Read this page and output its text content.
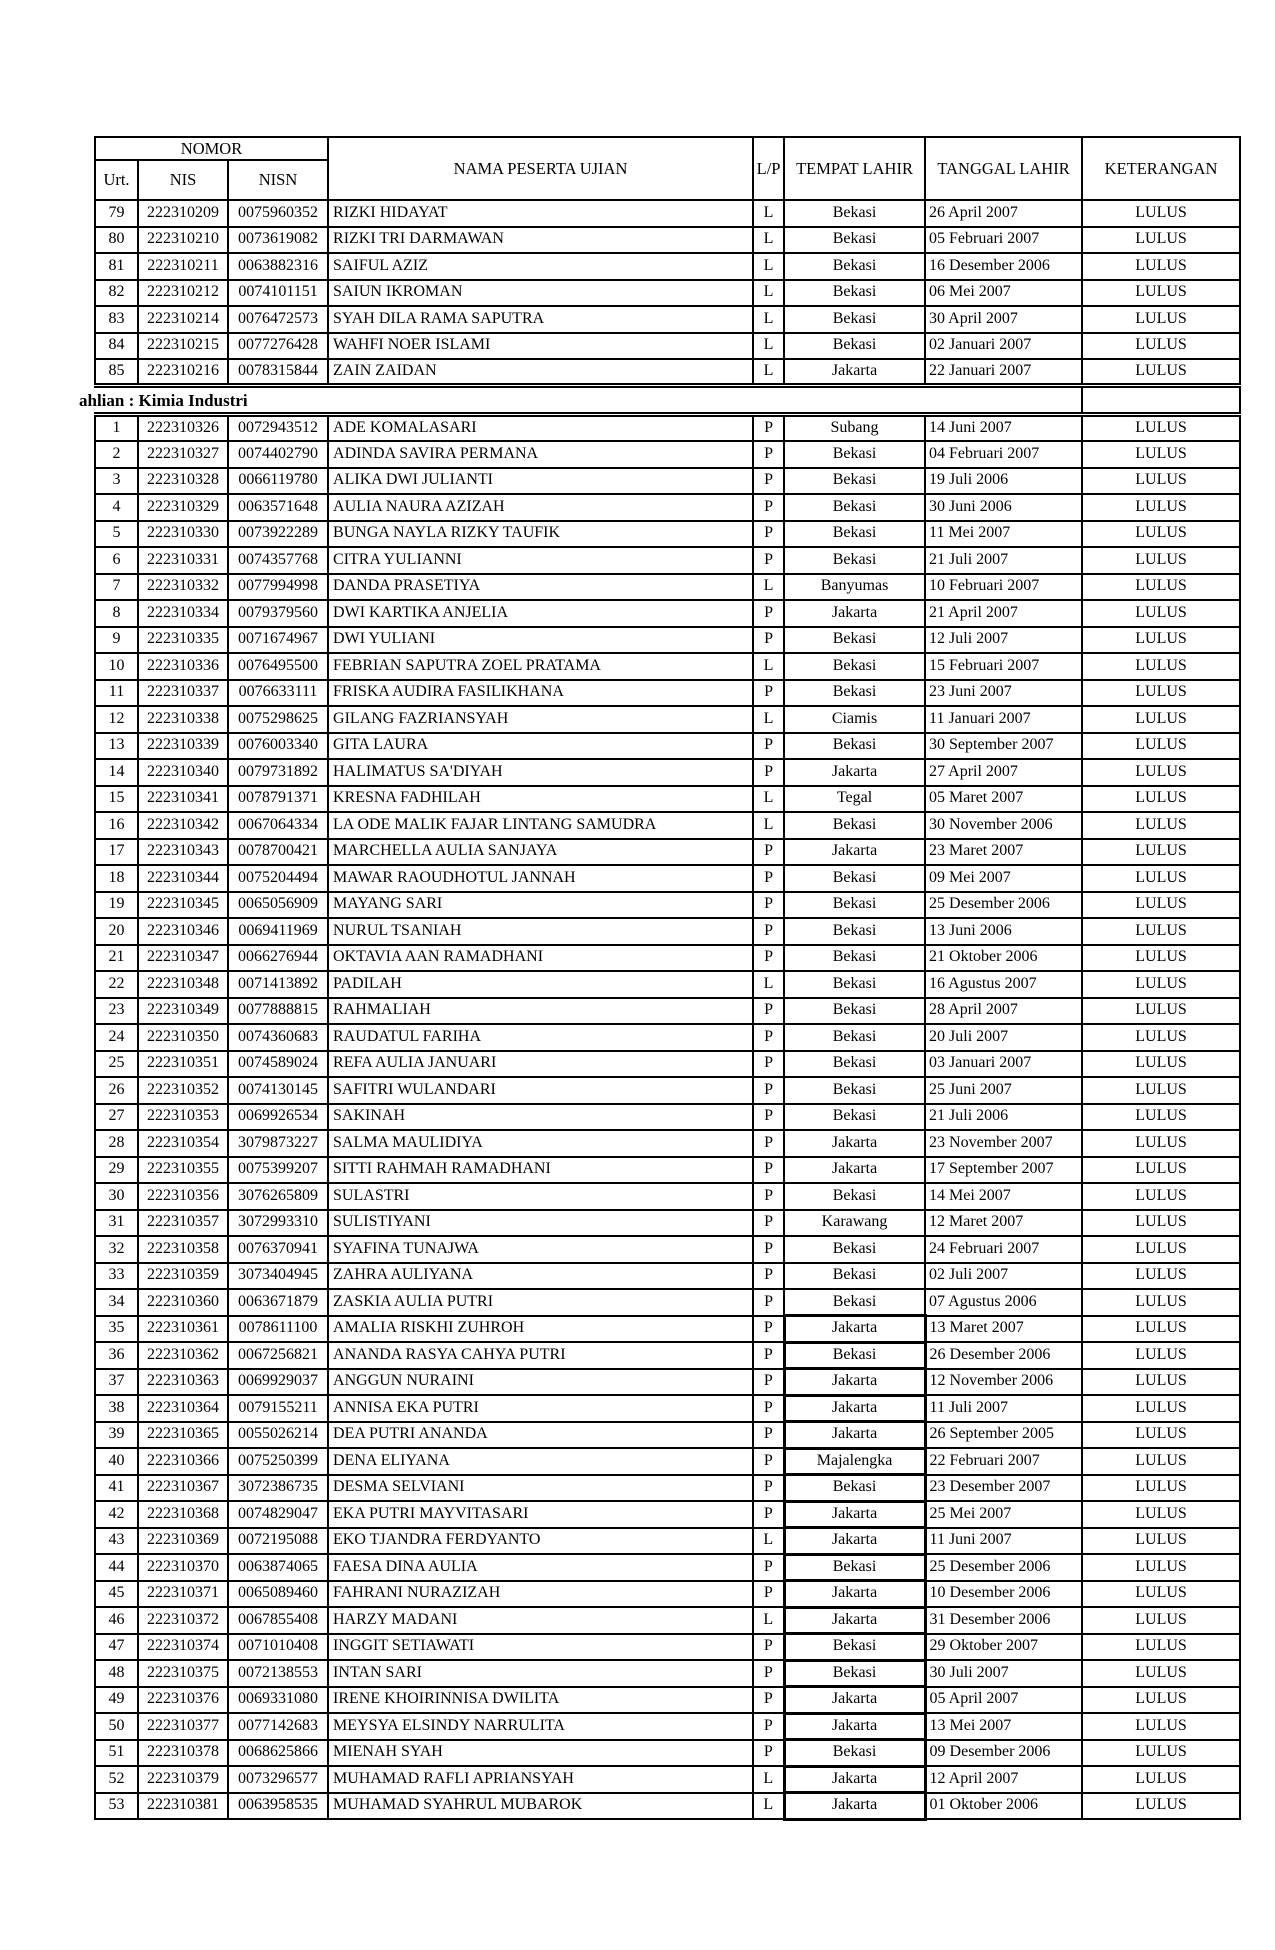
NOMOR			NAMA PESERTA UJIAN	L/P	TEMPAT LAHIR	TANGGAL LAHIR	KETERANGAN
Urt.	NIS	NISN					
79	222310209	0075960352	RIZKI HIDAYAT	L	Bekasi	26 April 2007	LULUS
80	222310210	0073619082	RIZKI TRI DARMAWAN	L	Bekasi	05 Februari 2007	LULUS
81	222310211	0063882316	SAIFUL AZIZ	L	Bekasi	16 Desember 2006	LULUS
82	222310212	0074101151	SAIUN IKROMAN	L	Bekasi	06 Mei 2007	LULUS
83	222310214	0076472573	SYAH DILA RAMA SAPUTRA	L	Bekasi	30 April 2007	LULUS
84	222310215	0077276428	WAHFI NOER ISLAMI	L	Bekasi	02 Januari 2007	LULUS
85	222310216	0078315844	ZAIN ZAIDAN	L	Jakarta	22 Januari 2007	LULUS

ahlian : Kimia Industri							

1	222310326	0072943512	ADE KOMALASARI	P	Subang	14 Juni 2007	LULUS
2	222310327	0074402790	ADINDA SAVIRA PERMANA	P	Bekasi	04 Februari 2007	LULUS
3	222310328	0066119780	ALIKA DWI JULIANTI	P	Bekasi	19 Juli 2006	LULUS
4	222310329	0063571648	AULIA NAURA AZIZAH	P	Bekasi	30 Juni 2006	LULUS
5	222310330	0073922289	BUNGA NAYLA RIZKY TAUFIK	P	Bekasi	11 Mei 2007	LULUS
6	222310331	0074357768	CITRA YULIANNI	P	Bekasi	21 Juli 2007	LULUS
7	222310332	0077994998	DANDA PRASETIYA	L	Banyumas	10 Februari 2007	LULUS
8	222310334	0079379560	DWI KARTIKA ANJELIA	P	Jakarta	21 April 2007	LULUS
9	222310335	0071674967	DWI YULIANI	P	Bekasi	12 Juli 2007	LULUS
10	222310336	0076495500	FEBRIAN SAPUTRA ZOEL PRATAMA	L	Bekasi	15 Februari 2007	LULUS
11	222310337	0076633111	FRISKA AUDIRA FASILIKHANA	P	Bekasi	23 Juni 2007	LULUS
12	222310338	0075298625	GILANG FAZRIANSYAH	L	Ciamis	11 Januari 2007	LULUS
13	222310339	0076003340	GITA LAURA	P	Bekasi	30 September 2007	LULUS
14	222310340	0079731892	HALIMATUS SA'DIYAH	P	Jakarta	27 April 2007	LULUS
15	222310341	0078791371	KRESNA FADHILAH	L	Tegal	05 Maret 2007	LULUS
16	222310342	0067064334	LA ODE MALIK FAJAR LINTANG SAMUDRA	L	Bekasi	30 November 2006	LULUS
17	222310343	0078700421	MARCHELLA AULIA SANJAYA	P	Jakarta	23 Maret 2007	LULUS
18	222310344	0075204494	MAWAR RAOUDHOTUL JANNAH	P	Bekasi	09 Mei 2007	LULUS
19	222310345	0065056909	MAYANG SARI	P	Bekasi	25 Desember 2006	LULUS
20	222310346	0069411969	NURUL TSANIAH	P	Bekasi	13 Juni 2006	LULUS
21	222310347	0066276944	OKTAVIA AAN RAMADHANI	P	Bekasi	21 Oktober 2006	LULUS
22	222310348	0071413892	PADILAH	L	Bekasi	16 Agustus 2007	LULUS
23	222310349	0077888815	RAHMALIAH	P	Bekasi	28 April 2007	LULUS
24	222310350	0074360683	RAUDATUL FARIHA	P	Bekasi	20 Juli 2007	LULUS
25	222310351	0074589024	REFA AULIA JANUARI	P	Bekasi	03 Januari 2007	LULUS
26	222310352	0074130145	SAFITRI WULANDARI	P	Bekasi	25 Juni 2007	LULUS
27	222310353	0069926534	SAKINAH	P	Bekasi	21 Juli 2006	LULUS
28	222310354	3079873227	SALMA MAULIDIYA	P	Jakarta	23 November 2007	LULUS
29	222310355	0075399207	SITTI RAHMAH RAMADHANI	P	Jakarta	17 September 2007	LULUS
30	222310356	3076265809	SULASTRI	P	Bekasi	14 Mei 2007	LULUS
31	222310357	3072993310	SULISTIYANI	P	Karawang	12 Maret 2007	LULUS
32	222310358	0076370941	SYAFINA TUNAJWA	P	Bekasi	24 Februari 2007	LULUS
33	222310359	3073404945	ZAHRA AULIYANA	P	Bekasi	02 Juli 2007	LULUS
34	222310360	0063671879	ZASKIA AULIA PUTRI	P	Bekasi	07 Agustus 2006	LULUS
35	222310361	0078611100	AMALIA RISKHI ZUHROH	P	Jakarta	13 Maret 2007	LULUS
36	222310362	0067256821	ANANDA RASYA CAHYA PUTRI	P	Bekasi	26 Desember 2006	LULUS
37	222310363	0069929037	ANGGUN NURAINI	P	Jakarta	12 November 2006	LULUS
38	222310364	0079155211	ANNISA EKA PUTRI	P	Jakarta	11 Juli 2007	LULUS
39	222310365	0055026214	DEA PUTRI ANANDA	P	Jakarta	26 September 2005	LULUS
40	222310366	0075250399	DENA ELIYANA	P	Majalengka	22 Februari 2007	LULUS
41	222310367	3072386735	DESMA SELVIANI	P	Bekasi	23 Desember 2007	LULUS
42	222310368	0074829047	EKA PUTRI MAYVITASARI	P	Jakarta	25 Mei 2007	LULUS
43	222310369	0072195088	EKO TJANDRA FERDYANTO	L	Jakarta	11 Juni 2007	LULUS
44	222310370	0063874065	FAESA DINA AULIA	P	Bekasi	25 Desember 2006	LULUS
45	222310371	0065089460	FAHRANI NURAZIZAH	P	Jakarta	10 Desember 2006	LULUS
46	222310372	0067855408	HARZY MADANI	L	Jakarta	31 Desember 2006	LULUS
47	222310374	0071010408	INGGIT SETIAWATI	P	Bekasi	29 Oktober 2007	LULUS
48	222310375	0072138553	INTAN SARI	P	Bekasi	30 Juli 2007	LULUS
49	222310376	0069331080	IRENE KHOIRINNISA DWILITA	P	Jakarta	05 April 2007	LULUS
50	222310377	0077142683	MEYSYA ELSINDY NARRULITA	P	Jakarta	13 Mei 2007	LULUS
51	222310378	0068625866	MIENAH SYAH	P	Bekasi	09 Desember 2006	LULUS
52	222310379	0073296577	MUHAMAD RAFLI APRIANSYAH	L	Jakarta	12 April 2007	LULUS
53	222310381	0063958535	MUHAMAD SYAHRUL MUBAROK	L	Jakarta	01 Oktober 2006	LULUS
